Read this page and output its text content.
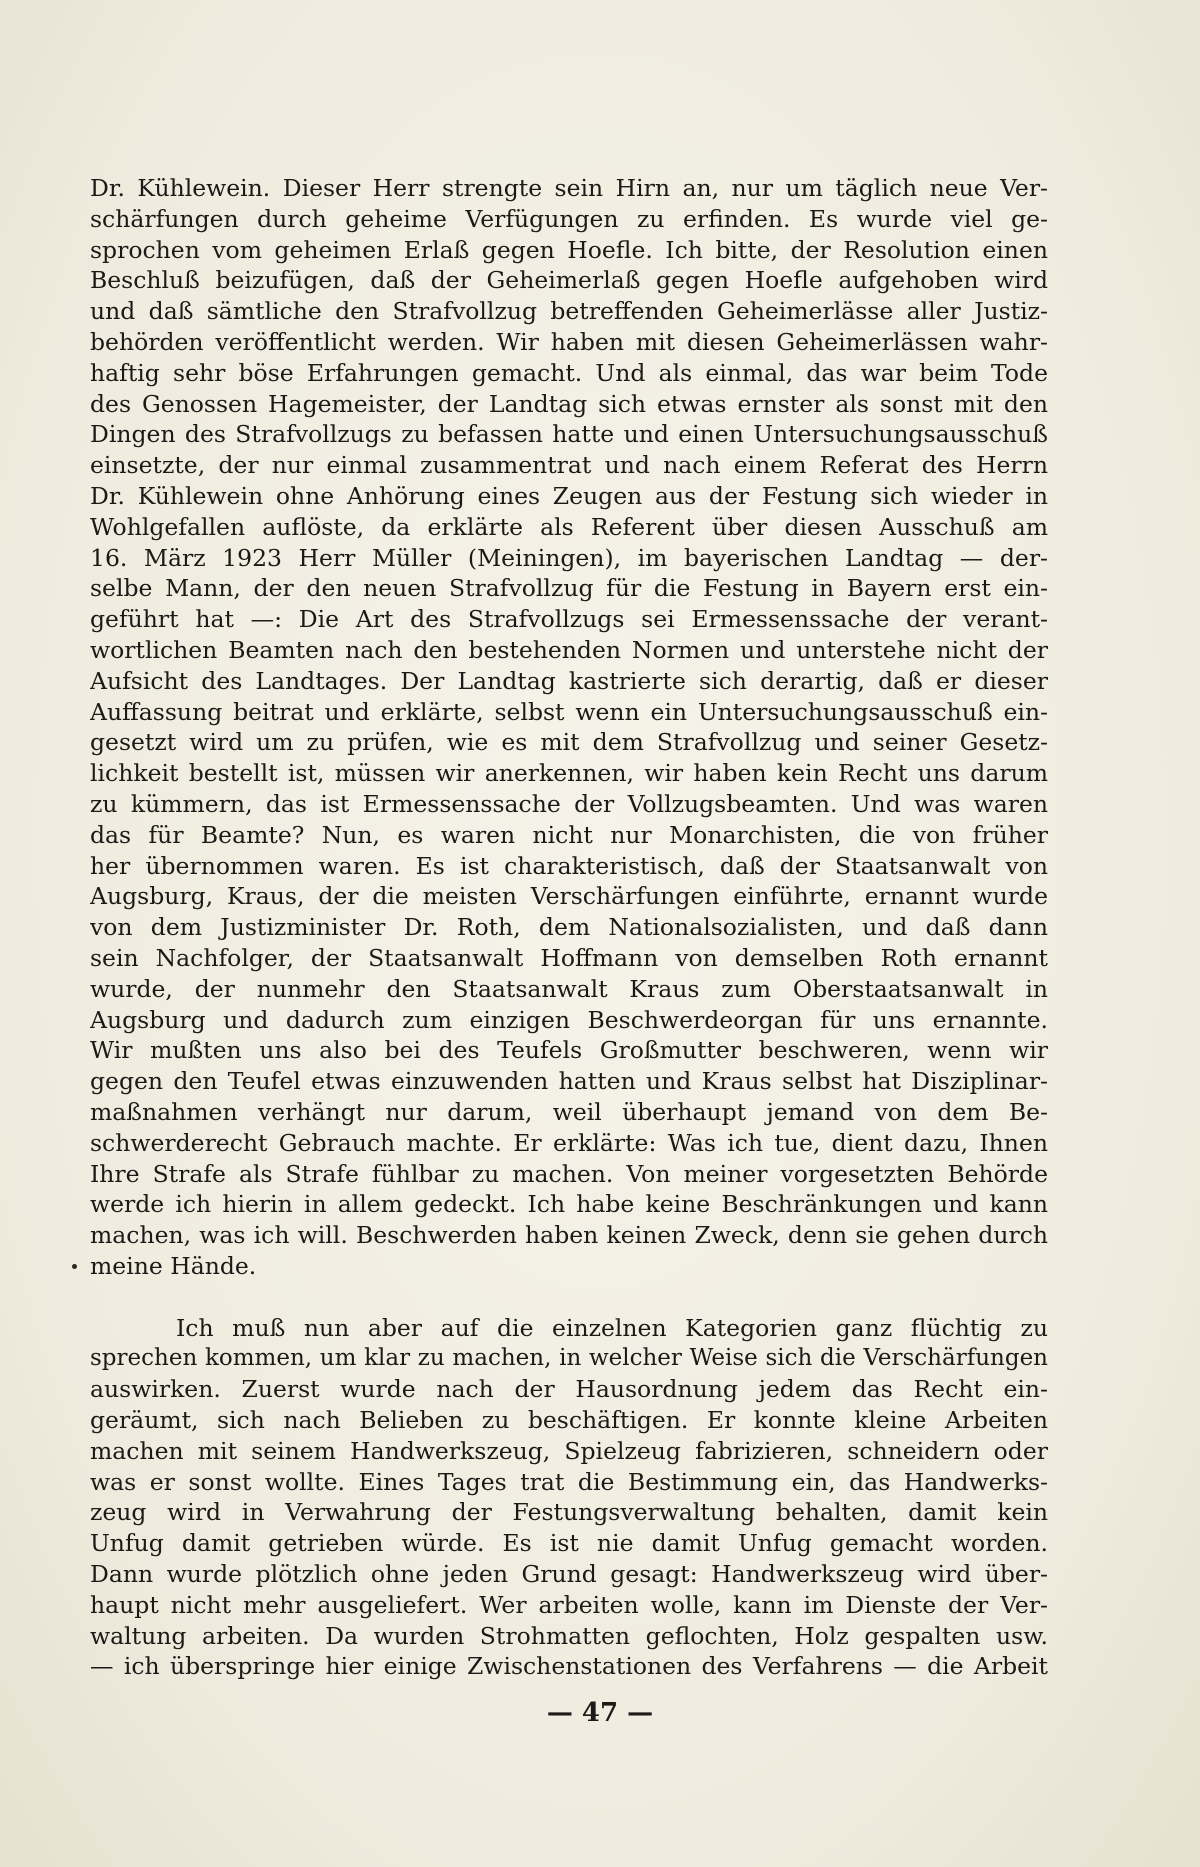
Dr. Kühlewein. Dieser Herr strengte sein Hirn an, nur um täglich neue Ver-
schärfungen durch geheime Verfügungen zu erfinden. Es wurde viel ge-
sprochen vom geheimen Erlaß gegen Hoefle. Ich bitte, der Resolution einen
Beschluß beizufügen, daß der Geheimerlaß gegen Hoefle aufgehoben wird
und daß sämtliche den Strafvollzug betreffenden Geheimerlässe aller Justiz-
behörden veröffentlicht werden. Wir haben mit diesen Geheimerlässen wahr-
haftig sehr böse Erfahrungen gemacht. Und als einmal, das war beim Tode
des Genossen Hagemeister, der Landtag sich etwas ernster als sonst mit den
Dingen des Strafvollzugs zu befassen hatte und einen Untersuchungsausschuß
einsetzte, der nur einmal zusammentrat und nach einem Referat des Herrn
Dr. Kühlewein ohne Anhörung eines Zeugen aus der Festung sich wieder in
Wohlgefallen auflöste, da erklärte als Referent über diesen Ausschuß am
16. März 1923 Herr Müller (Meiningen), im bayerischen Landtag — der-
selbe Mann, der den neuen Strafvollzug für die Festung in Bayern erst ein-
geführt hat —: Die Art des Strafvollzugs sei Ermessenssache der verant-
wortlichen Beamten nach den bestehenden Normen und unterstehe nicht der
Aufsicht des Landtages. Der Landtag kastrierte sich derartig, daß er dieser
Auffassung beitrat und erklärte, selbst wenn ein Untersuchungsausschuß ein-
gesetzt wird um zu prüfen, wie es mit dem Strafvollzug und seiner Gesetz-
lichkeit bestellt ist, müssen wir anerkennen, wir haben kein Recht uns darum
zu kümmern, das ist Ermessenssache der Vollzugsbeamten. Und was waren
das für Beamte? Nun, es waren nicht nur Monarchisten, die von früher
her übernommen waren. Es ist charakteristisch, daß der Staatsanwalt von
Augsburg, Kraus, der die meisten Verschärfungen einführte, ernannt wurde
von dem Justizminister Dr. Roth, dem Nationalsozialisten, und daß dann
sein Nachfolger, der Staatsanwalt Hoffmann von demselben Roth ernannt
wurde, der nunmehr den Staatsanwalt Kraus zum Oberstaatsanwalt in
Augsburg und dadurch zum einzigen Beschwerdeorgan für uns ernannte.
Wir mußten uns also bei des Teufels Großmutter beschweren, wenn wir
gegen den Teufel etwas einzuwenden hatten und Kraus selbst hat Disziplinar-
maßnahmen verhängt nur darum, weil überhaupt jemand von dem Be-
schwerderecht Gebrauch machte. Er erklärte: Was ich tue, dient dazu, Ihnen
Ihre Strafe als Strafe fühlbar zu machen. Von meiner vorgesetzten Behörde
werde ich hierin in allem gedeckt. Ich habe keine Beschränkungen und kann
machen, was ich will. Beschwerden haben keinen Zweck, denn sie gehen durch
meine Hände.
Ich muß nun aber auf die einzelnen Kategorien ganz flüchtig zu
sprechen kommen, um klar zu machen, in welcher Weise sich die Verschärfungen
auswirken. Zuerst wurde nach der Hausordnung jedem das Recht ein-
geräumt, sich nach Belieben zu beschäftigen. Er konnte kleine Arbeiten
machen mit seinem Handwerkszeug, Spielzeug fabrizieren, schneidern oder
was er sonst wollte. Eines Tages trat die Bestimmung ein, das Handwerks-
zeug wird in Verwahrung der Festungsverwaltung behalten, damit kein
Unfug damit getrieben würde. Es ist nie damit Unfug gemacht worden.
Dann wurde plötzlich ohne jeden Grund gesagt: Handwerkszeug wird über-
haupt nicht mehr ausgeliefert. Wer arbeiten wolle, kann im Dienste der Ver-
waltung arbeiten. Da wurden Strohmatten geflochten, Holz gespalten usw.
— ich überspringe hier einige Zwischenstationen des Verfahrens — die Arbeit
— 47 —
